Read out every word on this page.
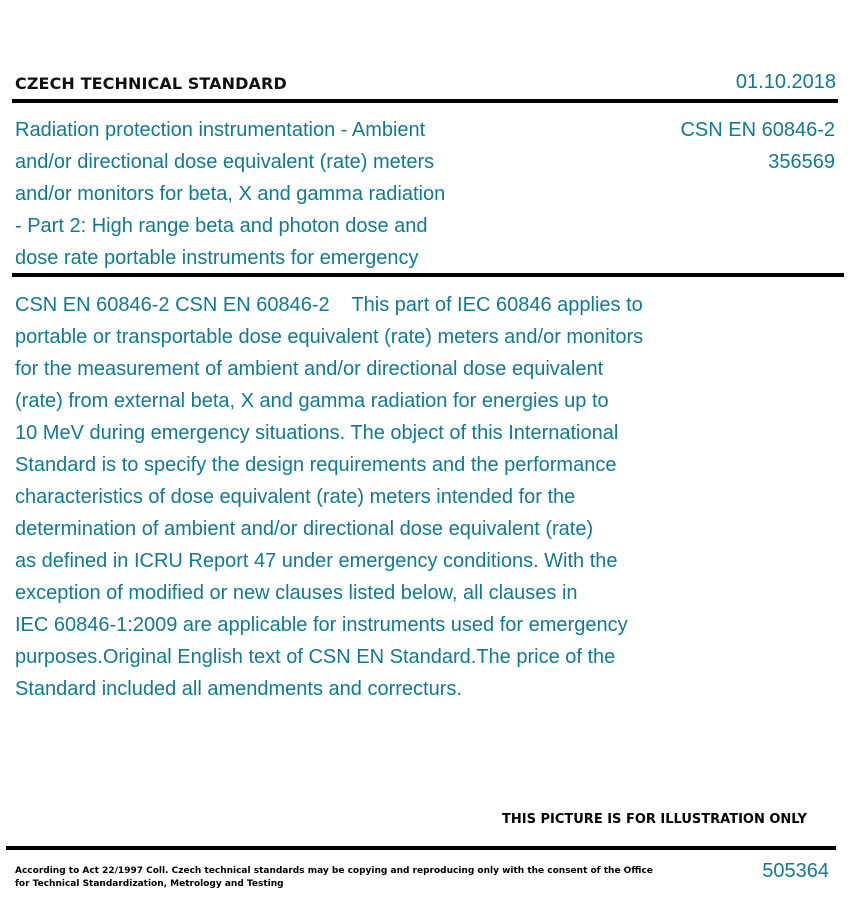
CZECH TECHNICAL STANDARD	01.10.2018
Radiation protection instrumentation - Ambient
and/or directional dose equivalent (rate) meters
and/or monitors for beta, X and gamma radiation
- Part 2: High range beta and photon dose and
dose rate portable instruments for emergency
CSN EN 60846-2
356569
CSN EN 60846-2 CSN EN 60846-2    This part of IEC 60846 applies to
portable or transportable dose equivalent (rate) meters and/or monitors
for the measurement of ambient and/or directional dose equivalent
(rate) from external beta, X and gamma radiation for energies up to
10 MeV during emergency situations. The object of this International
Standard is to specify the design requirements and the performance
characteristics of dose equivalent (rate) meters intended for the
determination of ambient and/or directional dose equivalent (rate)
as defined in ICRU Report 47 under emergency conditions. With the
exception of modified or new clauses listed below, all clauses in
IEC 60846-1:2009 are applicable for instruments used for emergency
purposes.Original English text of CSN EN Standard.The price of the
Standard included all amendments and correcturs.
THIS PICTURE IS FOR ILLUSTRATION ONLY
According to Act 22/1997 Coll. Czech technical standards may be copying and reproducing only with the consent of the Office
for Technical Standardization, Metrology and Testing
505364
